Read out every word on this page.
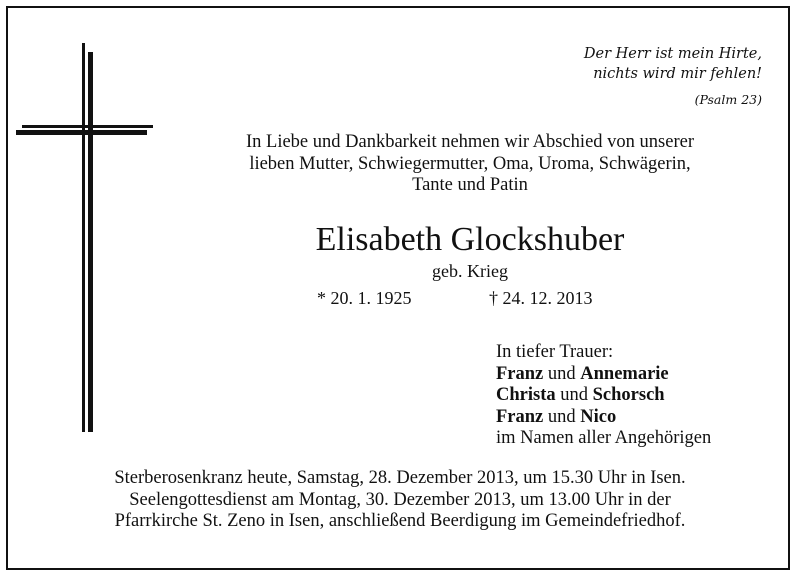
Der Herr ist mein Hirte,
nichts wird mir fehlen!
(Psalm 23)
In Liebe und Dankbarkeit nehmen wir Abschied von unserer
lieben Mutter, Schwiegermutter, Oma, Uroma, Schwägerin,
Tante und Patin
Elisabeth Glockshuber
geb. Krieg
* 20. 1. 1925	† 24. 12. 2013
In tiefer Trauer:
Franz und Annemarie
Christa und Schorsch
Franz und Nico
im Namen aller Angehörigen
Sterberosenkranz heute, Samstag, 28. Dezember 2013, um 15.30 Uhr in Isen.
Seelengottesdienst am Montag, 30. Dezember 2013, um 13.00 Uhr in der
Pfarrkirche St. Zeno in Isen, anschließend Beerdigung im Gemeindefriedhof.
